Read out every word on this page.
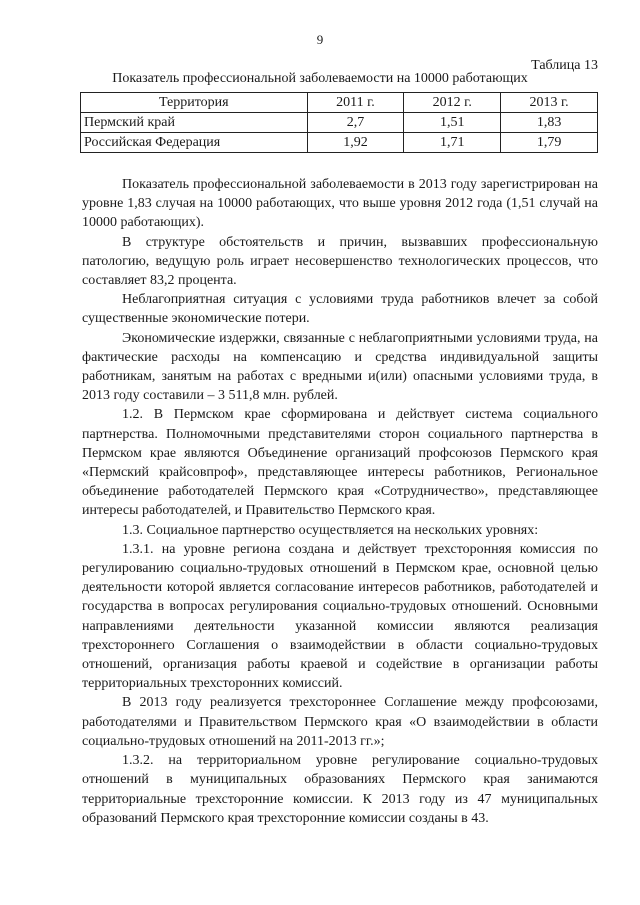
9
Таблица 13
Показатель профессиональной заболеваемости на 10000 работающих
Территория	2011 г.	2012 г.	2013 г.
Пермский край	2,7	1,51	1,83
Российская Федерация	1,92	1,71	1,79

Показатель профессиональной заболеваемости в 2013 году зарегистрирован на уровне 1,83 случая на 10000 работающих, что выше уровня 2012 года (1,51 случай на 10000 работающих).

В структуре обстоятельств и причин, вызвавших профессиональную патологию, ведущую роль играет несовершенство технологических процессов, что составляет 83,2 процента.

Неблагоприятная ситуация с условиями труда работников влечет за собой существенные экономические потери.

Экономические издержки, связанные с неблагоприятными условиями труда, на фактические расходы на компенсацию и средства индивидуальной защиты работникам, занятым на работах с вредными и(или) опасными условиями труда, в 2013 году составили – 3 511,8 млн. рублей.

1.2. В Пермском крае сформирована и действует система социального партнерства. Полномочными представителями сторон социального партнерства в Пермском крае являются Объединение организаций профсоюзов Пермского края «Пермский крайсовпроф», представляющее интересы работников, Региональное объединение работодателей Пермского края «Сотрудничество», представляющее интересы работодателей, и Правительство Пермского края.

1.3. Социальное партнерство осуществляется на нескольких уровнях:

1.3.1. на уровне региона создана и действует трехсторонняя комиссия по регулированию социально-трудовых отношений в Пермском крае, основной целью деятельности которой является согласование интересов работников, работодателей и государства в вопросах регулирования социально-трудовых отношений. Основными направлениями деятельности указанной комиссии являются реализация трехстороннего Соглашения о взаимодействии в области социально-трудовых отношений, организация работы краевой и содействие в организации работы территориальных трехсторонних комиссий.

В 2013 году реализуется трехстороннее Соглашение между профсоюзами, работодателями и Правительством Пермского края «О взаимодействии в области социально-трудовых отношений на 2011-2013 гг.»;

1.3.2. на территориальном уровне регулирование социально-трудовых отношений в муниципальных образованиях Пермского края занимаются территориальные трехсторонние комиссии. К 2013 году из 47 муниципальных образований Пермского края трехсторонние комиссии созданы в 43.
